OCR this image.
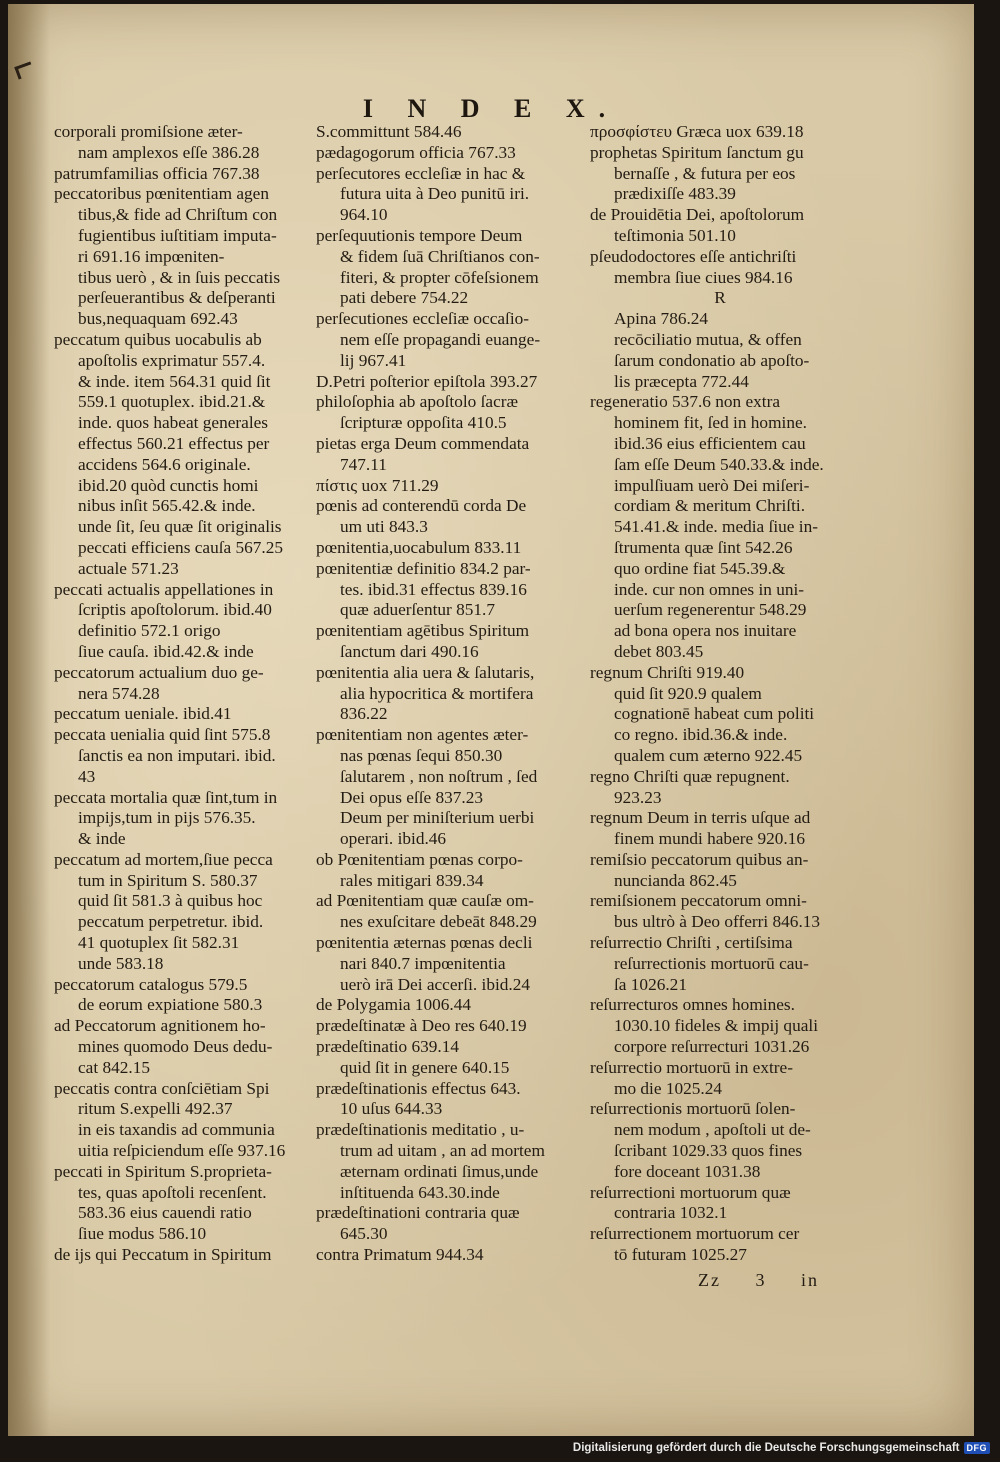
I N D E X.
corporali promiſsione æter-
nam amplexos eſſe 386.28
patrumfamilias officia 767.38
peccatoribus pœnitentiam agen
tibus,& fide ad Chriſtum con
fugientibus iuſtitiam imputa-
ri 691.16 impœniten-
tibus uerò , & in ſuis peccatis
perſeuerantibus & deſperanti
bus,nequaquam 692.43
peccatum quibus uocabulis ab
apoſtolis exprimatur 557.4.
& inde. item 564.31 quid ſit
559.1 quotuplex. ibid.21.&
inde. quos habeat generales
effectus 560.21 effectus per
accidens 564.6 originale.
ibid.20 quòd cunctis homi
nibus inſit 565.42.& inde.
unde ſit, ſeu quæ ſit originalis
peccati efficiens cauſa 567.25
actuale 571.23
peccati actualis appellationes in
ſcriptis apoſtolorum. ibid.40
definitio 572.1 origo
ſiue cauſa. ibid.42.& inde
peccatorum actualium duo ge-
nera 574.28
peccatum ueniale. ibid.41
peccata uenialia quid ſint 575.8
ſanctis ea non imputari. ibid.
43
peccata mortalia quæ ſint,tum in
impijs,tum in pijs 576.35.
& inde
peccatum ad mortem,ſiue pecca
tum in Spiritum S. 580.37
quid ſit 581.3 à quibus hoc
peccatum perpetretur. ibid.
41 quotuplex ſit 582.31
unde 583.18
peccatorum catalogus 579.5
de eorum expiatione 580.3
ad Peccatorum agnitionem ho-
mines quomodo Deus dedu-
cat 842.15
peccatis contra conſciētiam Spi
ritum S.expelli 492.37
in eis taxandis ad communia
uitia reſpiciendum eſſe 937.16
peccati in Spiritum S.proprieta-
tes, quas apoſtoli recenſent.
583.36 eius cauendi ratio
ſiue modus 586.10
de ijs qui Peccatum in Spiritum
S.committunt 584.46
pædagogorum officia 767.33
perſecutores eccleſiæ in hac &
futura uita à Deo punitū iri.
964.10
perſequutionis tempore Deum
& fidem ſuā Chriſtianos con-
fiteri, & propter cōfeſsionem
pati debere 754.22
perſecutiones eccleſiæ occaſio-
nem eſſe propagandi euange-
lij 967.41
D.Petri poſterior epiſtola 393.27
philoſophia ab apoſtolo ſacræ
ſcripturæ oppoſita 410.5
pietas erga Deum commendata
747.11
πίστις uox 711.29
pœnis ad conterendū corda De
um uti 843.3
pœnitentia,uocabulum 833.11
pœnitentiæ definitio 834.2 par-
tes. ibid.31 effectus 839.16
quæ aduerſentur 851.7
pœnitentiam agētibus Spiritum
ſanctum dari 490.16
pœnitentia alia uera & ſalutaris,
alia hypocritica & mortifera
836.22
pœnitentiam non agentes æter-
nas pœnas ſequi 850.30
ſalutarem , non noſtrum , ſed
Dei opus eſſe 837.23
Deum per miniſterium uerbi
operari. ibid.46
ob Pœnitentiam pœnas corpo-
rales mitigari 839.34
ad Pœnitentiam quæ cauſæ om-
nes exuſcitare debeāt 848.29
pœnitentia æternas pœnas decli
nari 840.7 impœnitentia
uerò irā Dei accerſi. ibid.24
de Polygamia 1006.44
prædeſtinatæ à Deo res 640.19
prædeſtinatio 639.14
quid ſit in genere 640.15
prædeſtinationis effectus 643.
10 uſus 644.33
prædeſtinationis meditatio , u-
trum ad uitam , an ad mortem
æternam ordinati ſimus,unde
inſtituenda 643.30.inde
prædeſtinationi contraria quæ
645.30
contra Primatum 944.34
προσφίστευ Græca uox 639.18
prophetas Spiritum ſanctum gu
bernaſſe , & futura per eos
prædixiſſe 483.39
de Prouidētia Dei, apoſtolorum
teſtimonia 501.10
pſeudodoctores eſſe antichriſti
membra ſiue ciues 984.16
R
Apina 786.24
recōciliatio mutua, & offen
ſarum condonatio ab apoſto-
lis præcepta 772.44
regeneratio 537.6 non extra
hominem fit, ſed in homine.
ibid.36 eius efficientem cau
ſam eſſe Deum 540.33.& inde.
impulſiuam uerò Dei miſeri-
cordiam & meritum Chriſti.
541.41.& inde. media ſiue in-
ſtrumenta quæ ſint 542.26
quo ordine fiat 545.39.&
inde. cur non omnes in uni-
uerſum regenerentur 548.29
ad bona opera nos inuitare
debet 803.45
regnum Chriſti 919.40
quid ſit 920.9 qualem
cognationē habeat cum politi
co regno. ibid.36.& inde.
qualem cum æterno 922.45
regno Chriſti quæ repugnent.
923.23
regnum Deum in terris uſque ad
finem mundi habere 920.16
remiſsio peccatorum quibus an-
nuncianda 862.45
remiſsionem peccatorum omni-
bus ultrò à Deo offerri 846.13
reſurrectio Chriſti , certiſsima
reſurrectionis mortuorū cau-
ſa 1026.21
reſurrecturos omnes homines.
1030.10 fideles & impij quali
corpore reſurrecturi 1031.26
reſurrectio mortuorū in extre-
mo die 1025.24
reſurrectionis mortuorū ſolen-
nem modum , apoſtoli ut de-
ſcribant 1029.33 quos fines
fore doceant 1031.38
reſurrectioni mortuorum quæ
contraria 1032.1
reſurrectionem mortuorum cer
tō futuram 1025.27
Zz 3 in
Digitalisierung gefördert durch die Deutsche Forschungsgemeinschaft DFG
